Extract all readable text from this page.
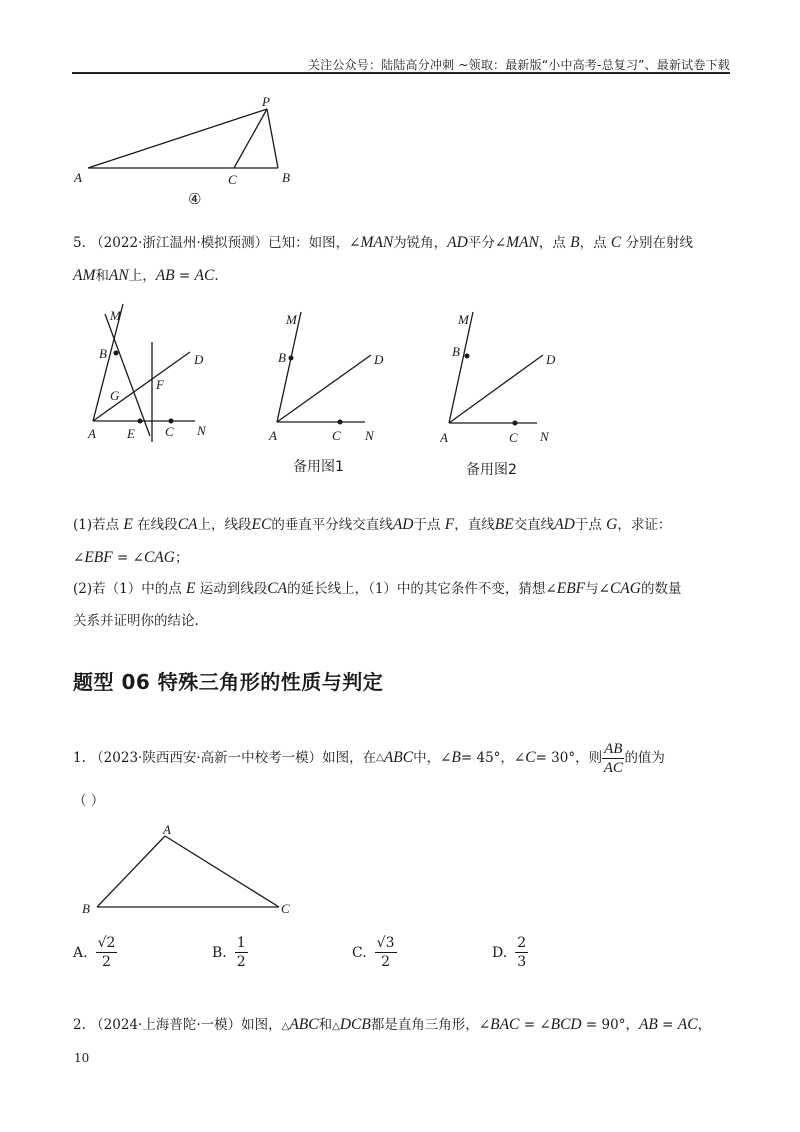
关注公众号：陆陆高分冲刺 ~领取：最新版“小中高考-总复习”、最新试卷下载
P
A	C	B
④
5. （2022·浙江温州·模拟预测）已知：如图，∠MAN为锐角，AD平分∠MAN，点 B，点 C 分别在射线
AM和AN上，AB = AC.
M
B	D
G
F
A E C N
M
B	D
A	C N
备用图1
M
B
D
A	C N
备用图2
(1)若点 E 在线段CA上，线段EC的垂直平分线交直线AD于点 F，直线BE交直线AD于点 G，求证：
∠EBF = ∠CAG；
(2)若（1）中的点 E 运动到线段CA的延长线上，（1）中的其它条件不变，猜想∠EBF与∠CAG的数量
关系并证明你的结论.
题型 06 特殊三角形的性质与判定
1. （2023·陕西西安·高新一中校考一模）如图，在 △ ABC 中， ∠ B = 45°， ∠ C = 30°，则 $\frac{AB}{AC}$ 的值为
（ ）
A
B	C
A. $\frac{√2}{2}$	B. $\frac{1}{2}$	C. $\frac{√3}{2}$	D. $\frac{2}{3}$
2. （2024·上海普陀·一模）如图，△ABC和△DCB都是直角三角形，∠BAC = ∠BCD = 90°，AB = AC，
10
